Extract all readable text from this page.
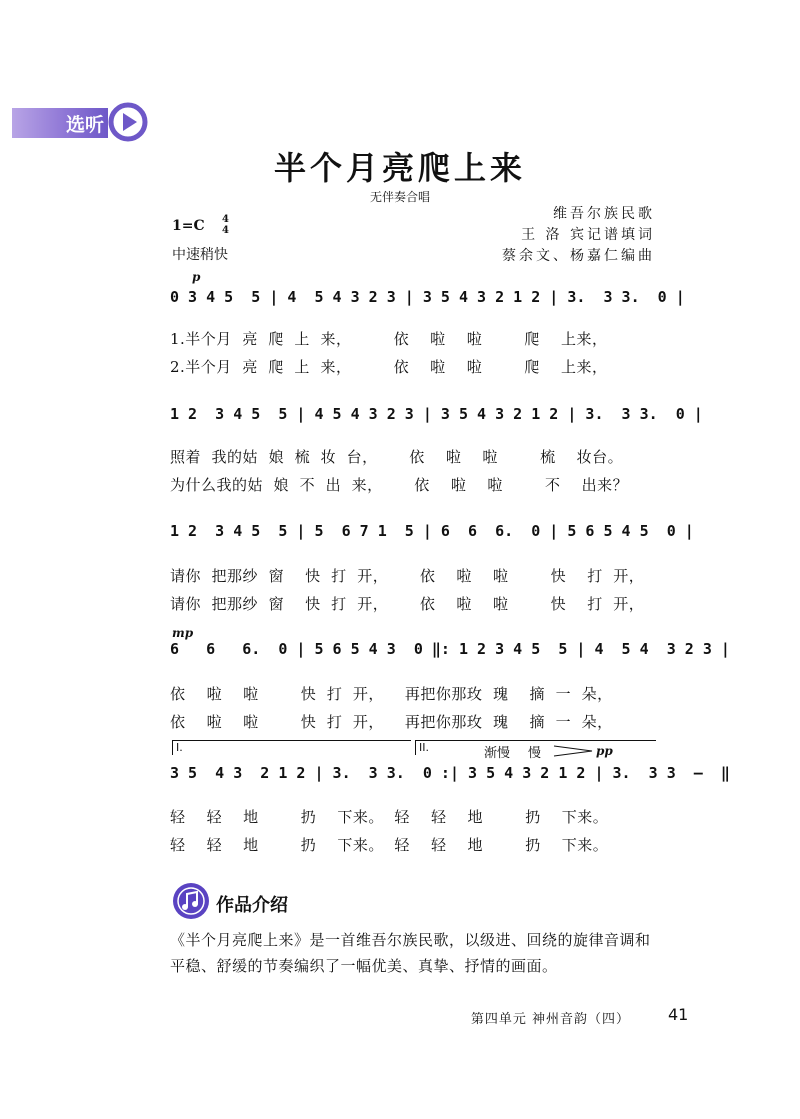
选听
半个月亮爬上来
无伴奏合唱
维吾尔族民歌
王 洛 宾记谱填词
蔡余文、杨嘉仁编曲
1=C 4
4
中速稍快
p
0 3 4 5  5 | 4  5 4 3 2 3 | 3 5 4 3 2 1 2 | 3.  3 3.  0 |
1.半个月  亮  爬  上  来，        依    啦    啦        爬    上来，
2.半个月  亮  爬  上  来，        依    啦    啦        爬    上来，
1 2  3 4 5  5 | 4 5 4 3 2 3 | 3 5 4 3 2 1 2 | 3.  3 3.  0 |
照着  我的姑  娘  梳  妆  台，      依    啦    啦        梳    妆台。
为什么我的姑  娘  不  出  来，      依    啦    啦        不    出来？
1 2  3 4 5  5 | 5  6 7 1  5 | 6  6  6.  0 | 5 6 5 4 5  0 |
请你  把那纱  窗    快  打  开，      依    啦    啦        快    打  开，
请你  把那纱  窗    快  打  开，      依    啦    啦        快    打  开，
mp
6   6   6.  0 | 5 6 5 4 3  0 ‖: 1 2 3 4 5  5 | 4  5 4  3 2 3 |
依    啦    啦        快  打  开，    再把你那玫  瑰    摘  一  朵，
依    啦    啦        快  打  开，    再把你那玫  瑰    摘  一  朵，
I.	II.	渐慢 慢	pp
3 5  4 3  2 1 2 | 3.  3 3.  0 :| 3 5 4 3 2 1 2 | 3.  3 3  –  ‖
轻    轻    地        扔    下来。  轻    轻    地        扔    下来。
轻    轻    地        扔    下来。  轻    轻    地        扔    下来。
作品介绍
《半个月亮爬上来》是一首维吾尔族民歌，以级进、回绕的旋律音调和平稳、舒缓的节奏编织了一幅优美、真挚、抒情的画面。
第四单元 神州音韵（四） 41
